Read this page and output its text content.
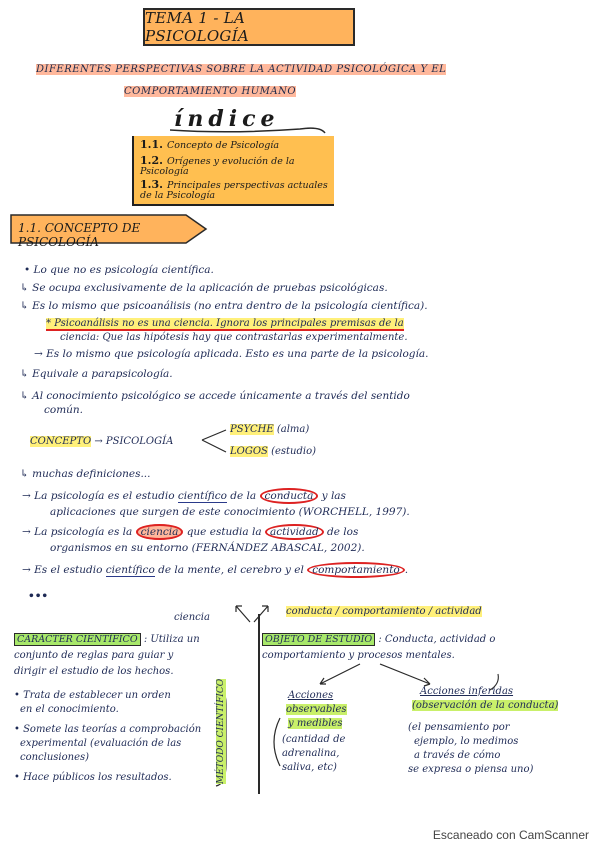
TEMA 1 - LA PSICOLOGÍA
DIFERENTES PERSPECTIVAS SOBRE LA ACTIVIDAD PSICOLÓGICA Y EL
COMPORTAMIENTO HUMANO
índice
1.1. Concepto de Psicología
1.2. Orígenes y evolución de la Psicología
1.3. Principales perspectivas actuales de la Psicología
1.1. CONCEPTO DE PSICOLOGÍA
• Lo que no es psicología científica.
↳ Se ocupa exclusivamente de la aplicación de pruebas psicológicas.
↳ Es lo mismo que psicoanálisis (no entra dentro de la psicología científica).
* Psicoanálisis no es una ciencia. Ignora los principales premisas de la
ciencia: Que las hipótesis hay que contrastarlas experimentalmente.
→ Es lo mismo que psicología aplicada. Esto es una parte de la psicología.
↳ Equivale a parapsicología.
↳ Al conocimiento psicológico se accede únicamente a través del sentido
común.
CONCEPTO → PSICOLOGÍA
PSYCHE (alma)
LOGOS (estudio)
↳ muchas definiciones...
→ La psicología es el estudio científico de la conducta y las
aplicaciones que surgen de este conocimiento (WORCHELL, 1997).
→ La psicología es la ciencia que estudia la actividad de los
organismos en su entorno (FERNÁNDEZ ABASCAL, 2002).
→ Es el estudio científico de la mente, el cerebro y el comportamiento .
•••
ciencia
conducta / comportamiento / actividad
CARÁCTER CIENTÍFICO : Utiliza un
conjunto de reglas para guiar y
dirigir el estudio de los hechos.
• Trata de establecer un orden
en el conocimiento.
• Somete las teorías a comprobación
experimental (evaluación de las
conclusiones)
• Hace públicos los resultados.	MÉTODO CIENTÍFICO
OBJETO DE ESTUDIO : Conducta, actividad o
comportamiento y procesos mentales.
Acciones
observables
y medibles
(cantidad de
adrenalina,
saliva, etc)
Acciones inferidas
(observación de la conducta)
(el pensamiento por
ejemplo, lo medimos
a través de cómo
se expresa o piensa uno)
Escaneado con CamScanner
